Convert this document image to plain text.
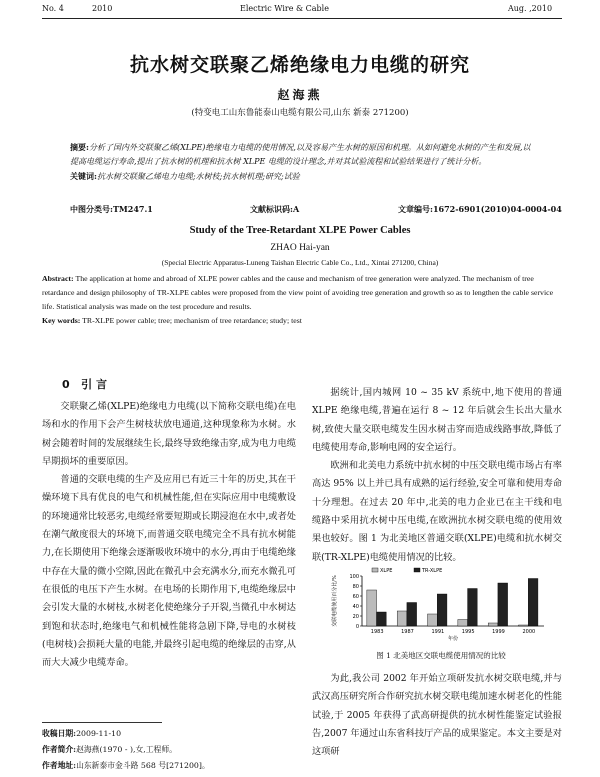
No. 4	2010	Electric Wire & Cable	Aug. ,2010
抗水树交联聚乙烯绝缘电力电缆的研究
赵海燕
(特变电工山东鲁能泰山电缆有限公司,山东 新泰 271200)
摘要:分析了国内外交联聚乙烯(XLPE)绝缘电力电缆的使用情况,以及容易产生水树的原因和机理。从如何避免水树的产生和发展,以提高电缆运行寿命,提出了抗水树的机理和抗水树 XLPE 电缆的设计理念,并对其试验流程和试验结果进行了统计分析。
关键词:抗水树交联聚乙烯电力电缆;水树枝;抗水树机理;研究;试验
中图分类号:TM247.1	文献标识码:A	文章编号:1672-6901(2010)04-0004-04
Study of the Tree-Retardant XLPE Power Cables
ZHAO Hai-yan
(Special Electric Apparatus-Luneng Taishan Electric Cable Co., Ltd., Xintai 271200, China)
Abstract: The application at home and abroad of XLPE power cables and the cause and mechanism of tree generation were analyzed. The mechanism of tree retardance and design philosophy of TR-XLPE cables were proposed from the view point of avoiding tree generation and growth so as to lengthen the cable service life. Statistical analysis was made on the test procedure and results.
Key words: TR-XLPE power cable; tree; mechanism of tree retardance; study; test
0 引 言

交联聚乙烯(XLPE)绝缘电力电缆(以下简称交联电缆)在电场和水的作用下会产生树枝状放电通道,这种现象称为水树。水树会随着时间的发展继续生长,最终导致绝缘击穿,成为电力电缆早期损坏的重要原因。

普通的交联电缆的生产及应用已有近三十年的历史,其在干燥环境下具有优良的电气和机械性能,但在实际应用中电缆敷设的环境通常比较恶劣,电缆经常要短期或长期浸泡在水中,或者处在潮气敞度很大的环境下,而普通交联电缆完全不具有抗水树能力,在长期使用下绝缘会逐渐吸收环境中的水分,再由于电缆绝缘中存在大量的微小空隙,因此在微孔中会充满水分,而充水微孔可在很低的电压下产生水树。在电场的长期作用下,电缆绝缘层中会引发大量的水树枝,水树老化使绝缘分子开裂,当微孔中水树达到饱和状态时,绝缘电气和机械性能将急剧下降,导电的水树枝(电树枝)会损耗大量的电能,并最终引起电缆的绝缘层的击穿,从而大大减少电缆寿命。

收稿日期:2009-11-10
作者简介:赵海燕(1970 - ),女,工程师。
作者地址:山东新泰市金斗路 568 号[271200]。

据统计,国内城网 10 ~ 35 kV 系统中,地下使用的普通 XLPE 绝缘电缆,普遍在运行 8 ~ 12 年后就会生长出大量水树,致使大量交联电缆发生因水树击穿而造成线路事故,降低了电缆使用寿命,影响电网的安全运行。

欧洲和北美电力系统中抗水树的中压交联电缆市场占有率高达 95% 以上并已具有成熟的运行经验,安全可靠和使用寿命十分理想。在过去 20 年中,北美的电力企业已在主干线和电缆路中采用抗水树中压电缆,在欧洲抗水树交联电缆的使用效果也较好。图 1 为北美地区普通交联(XLPE)电缆和抗水树交联(TR-XLPE)电缆使用情况的比较。

0
20
40
60
80
100
交联电缆使用百分比/%
1983	1987	1991	1995	1999	2000
年份
XLPE	TR-XLPE
图 1 北美地区交联电缆使用情况的比较

为此,我公司 2002 年开始立项研发抗水树交联电缆,并与武汉高压研究所合作研究抗水树交联电缆加速水树老化的性能试验,于 2005 年获得了武高研提供的抗水树性能鉴定试验报告,2007 年通过山东省科技厅产品的成果鉴定。本文主要是对这项研
